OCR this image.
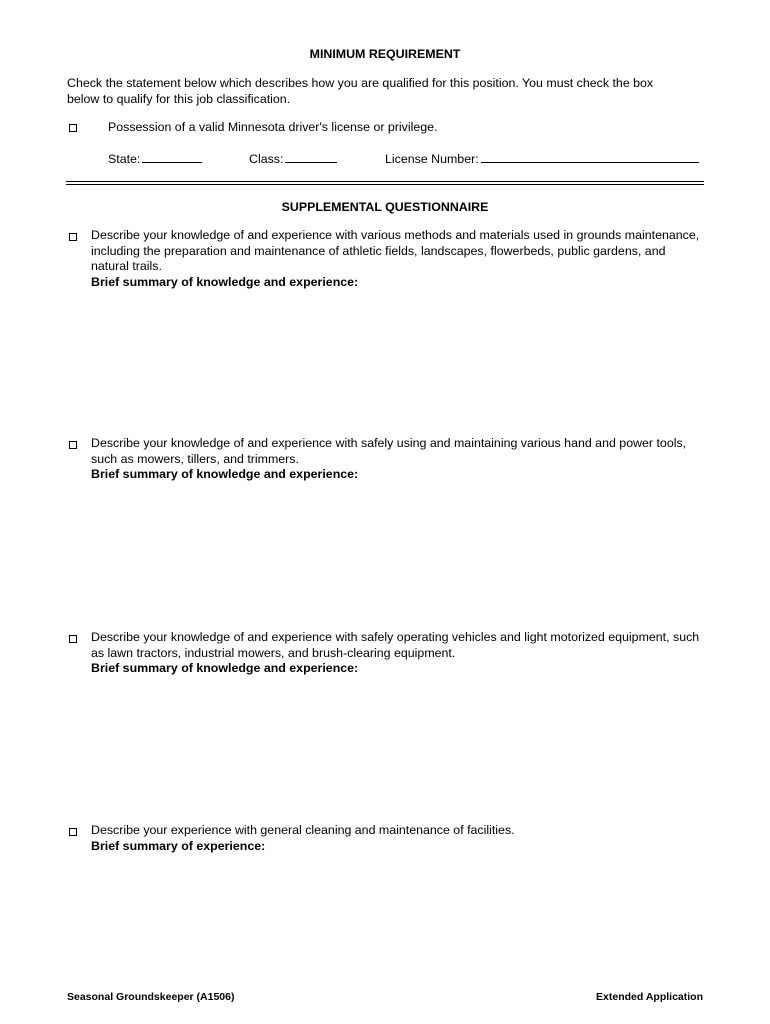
MINIMUM REQUIREMENT
Check the statement below which describes how you are qualified for this position. You must check the box below to qualify for this job classification.
Possession of a valid Minnesota driver's license or privilege.
State:	Class:	License Number:
SUPPLEMENTAL QUESTIONNAIRE
Describe your knowledge of and experience with various methods and materials used in grounds maintenance, including the preparation and maintenance of athletic fields, landscapes, flowerbeds, public gardens, and natural trails.
Brief summary of knowledge and experience:
Describe your knowledge of and experience with safely using and maintaining various hand and power tools, such as mowers, tillers, and trimmers.
Brief summary of knowledge and experience:
Describe your knowledge of and experience with safely operating vehicles and light motorized equipment, such as lawn tractors, industrial mowers, and brush-clearing equipment.
Brief summary of knowledge and experience:
Describe your experience with general cleaning and maintenance of facilities.
Brief summary of experience:
Seasonal Groundskeeper (A1506)	Extended Application
